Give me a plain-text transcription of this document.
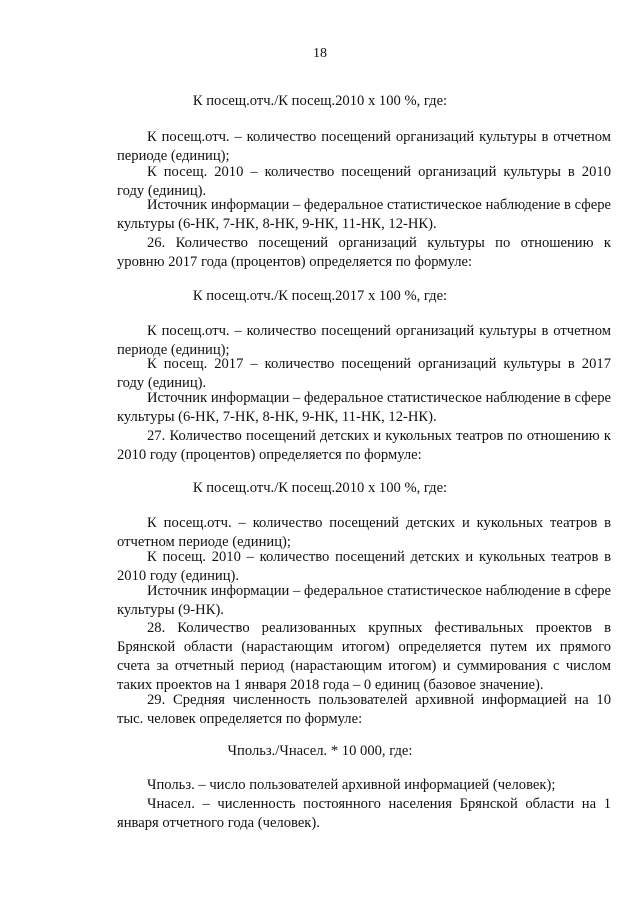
18
К посещ.отч./К посещ.2010 х 100 %, где:
К посещ.отч. – количество посещений организаций культуры в отчетном периоде (единиц);
К посещ. 2010 – количество посещений организаций культуры в 2010 году (единиц).
Источник информации – федеральное статистическое наблюдение в сфере культуры (6-НК, 7-НК, 8-НК, 9-НК, 11-НК, 12-НК).
26. Количество посещений организаций культуры по отношению к уровню 2017 года (процентов) определяется по формуле:
К посещ.отч./К посещ.2017 х 100 %, где:
К посещ.отч. – количество посещений организаций культуры в отчетном периоде (единиц);
К посещ. 2017 – количество посещений организаций культуры в 2017 году (единиц).
Источник информации – федеральное статистическое наблюдение в сфере культуры (6-НК, 7-НК, 8-НК, 9-НК, 11-НК, 12-НК).
27. Количество посещений детских и кукольных театров по отношению к 2010 году (процентов) определяется по формуле:
К посещ.отч./К посещ.2010 х 100 %, где:
К посещ.отч. – количество посещений детских и кукольных театров в отчетном периоде (единиц);
К посещ. 2010 – количество посещений детских и кукольных театров в 2010 году (единиц).
Источник информации – федеральное статистическое наблюдение в сфере культуры (9-НК).
28. Количество реализованных крупных фестивальных проектов в Брянской области (нарастающим итогом) определяется путем их прямого счета за отчетный период (нарастающим итогом) и суммирования с числом таких проектов на 1 января 2018 года – 0 единиц (базовое значение).
29. Средняя численность пользователей архивной информацией на 10 тыс. человек определяется по формуле:
Чпольз./Чнасел. * 10 000, где:
Чпольз. – число пользователей архивной информацией (человек);
Чнасел. – численность постоянного населения Брянской области на 1 января отчетного года (человек).
